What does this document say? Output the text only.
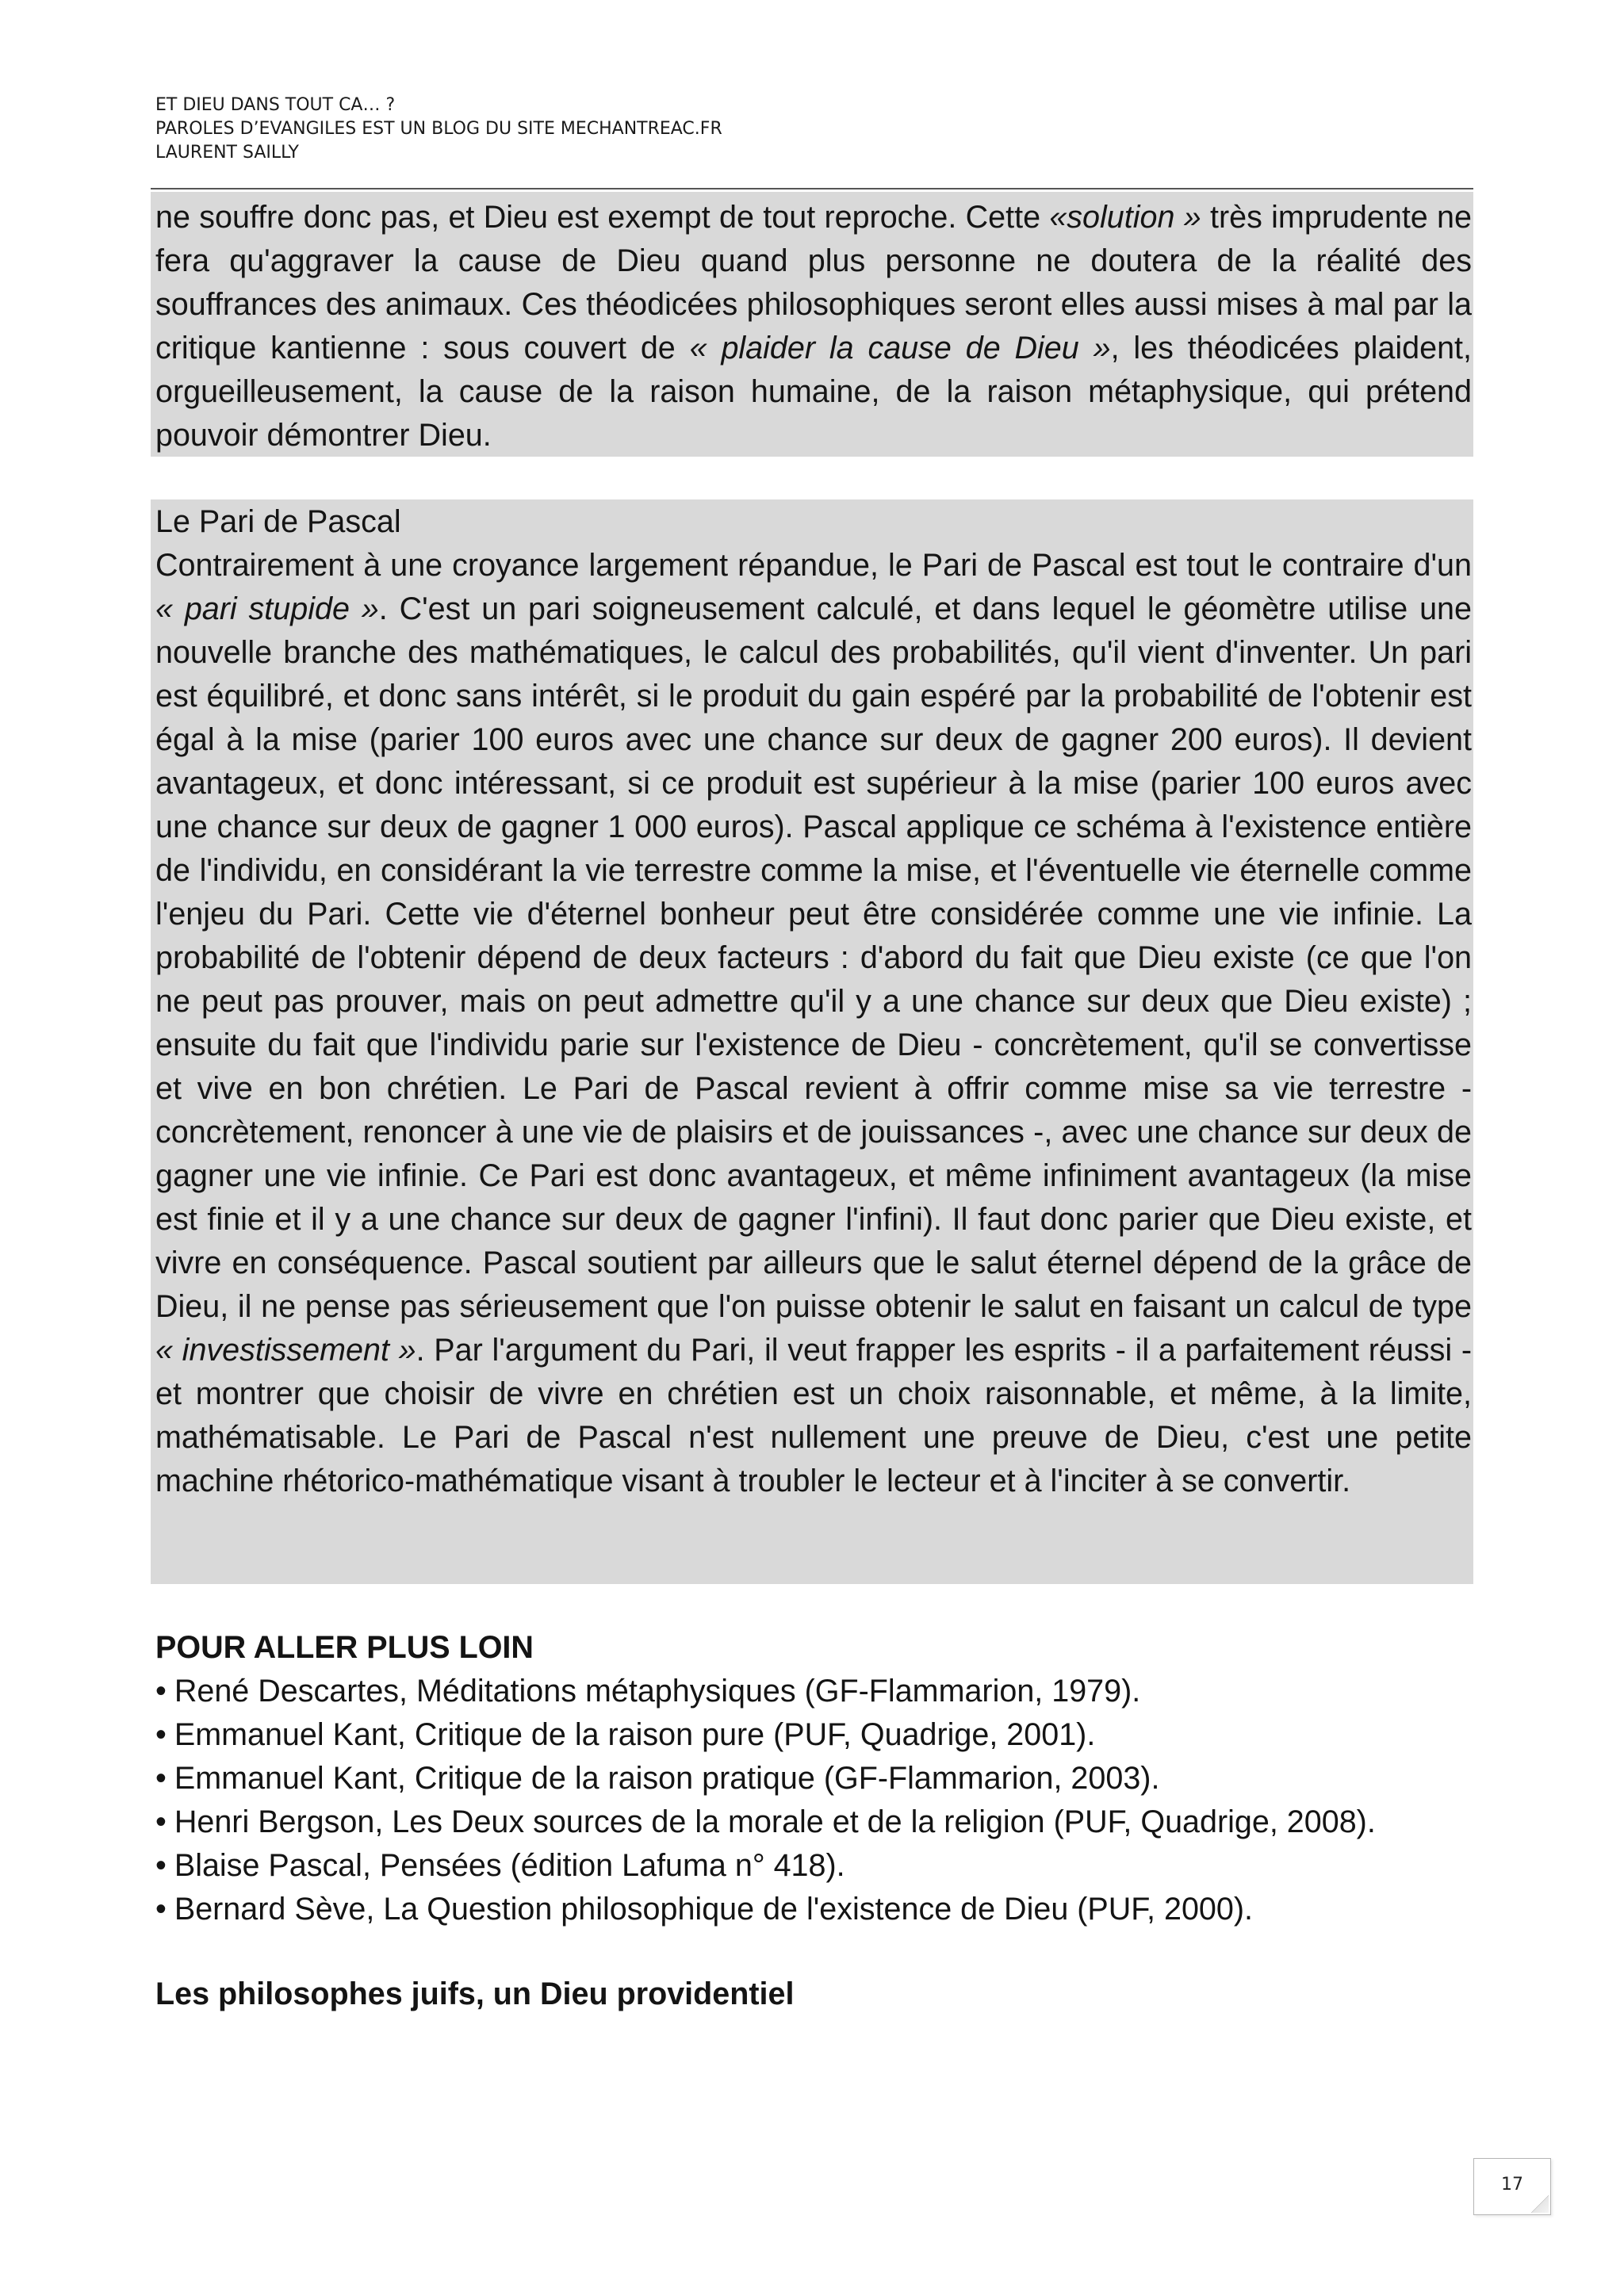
ET DIEU DANS TOUT CA… ?
PAROLES D’EVANGILES EST UN BLOG DU SITE MECHANTREAC.FR
LAURENT SAILLY

ne souffre donc pas, et Dieu est exempt de tout reproche. Cette «solution » très imprudente ne fera qu'aggraver la cause de Dieu quand plus personne ne doutera de la réalité des souffrances des animaux. Ces théodicées philosophiques seront elles aussi mises à mal par la critique kantienne : sous couvert de « plaider la cause de Dieu », les théodicées plaident, orgueilleusement, la cause de la raison humaine, de la raison métaphysique, qui prétend pouvoir démontrer Dieu.

Le Pari de Pascal

Contrairement à une croyance largement répandue, le Pari de Pascal est tout le contraire d'un « pari stupide ». C'est un pari soigneusement calculé, et dans lequel le géomètre utilise une nouvelle branche des mathématiques, le calcul des probabilités, qu'il vient d'inventer. Un pari est équilibré, et donc sans intérêt, si le produit du gain espéré par la probabilité de l'obtenir est égal à la mise (parier 100 euros avec une chance sur deux de gagner 200 euros). Il devient avantageux, et donc intéressant, si ce produit est supérieur à la mise (parier 100 euros avec une chance sur deux de gagner 1 000 euros). Pascal applique ce schéma à l'existence entière de l'individu, en considérant la vie terrestre comme la mise, et l'éventuelle vie éternelle comme l'enjeu du Pari. Cette vie d'éternel bonheur peut être considérée comme une vie infinie. La probabilité de l'obtenir dépend de deux facteurs : d'abord du fait que Dieu existe (ce que l'on ne peut pas prouver, mais on peut admettre qu'il y a une chance sur deux que Dieu existe) ; ensuite du fait que l'individu parie sur l'existence de Dieu - concrètement, qu'il se convertisse et vive en bon chrétien. Le Pari de Pascal revient à offrir comme mise sa vie terrestre - concrètement, renoncer à une vie de plaisirs et de jouissances -, avec une chance sur deux de gagner une vie infinie. Ce Pari est donc avantageux, et même infiniment avantageux (la mise est finie et il y a une chance sur deux de gagner l'infini). Il faut donc parier que Dieu existe, et vivre en conséquence. Pascal soutient par ailleurs que le salut éternel dépend de la grâce de Dieu, il ne pense pas sérieusement que l'on puisse obtenir le salut en faisant un calcul de type « investissement ». Par l'argument du Pari, il veut frapper les esprits - il a parfaitement réussi - et montrer que choisir de vivre en chrétien est un choix raisonnable, et même, à la limite, mathématisable. Le Pari de Pascal n'est nullement une preuve de Dieu, c'est une petite machine rhétorico-mathématique visant à troubler le lecteur et à l'inciter à se convertir.

POUR ALLER PLUS LOIN
• René Descartes, Méditations métaphysiques (GF-Flammarion, 1979).
• Emmanuel Kant, Critique de la raison pure (PUF, Quadrige, 2001).
• Emmanuel Kant, Critique de la raison pratique (GF-Flammarion, 2003).
• Henri Bergson, Les Deux sources de la morale et de la religion (PUF, Quadrige, 2008).
• Blaise Pascal, Pensées (édition Lafuma n° 418).
• Bernard Sève, La Question philosophique de l'existence de Dieu (PUF, 2000).
Les philosophes juifs, un Dieu providentiel
17
